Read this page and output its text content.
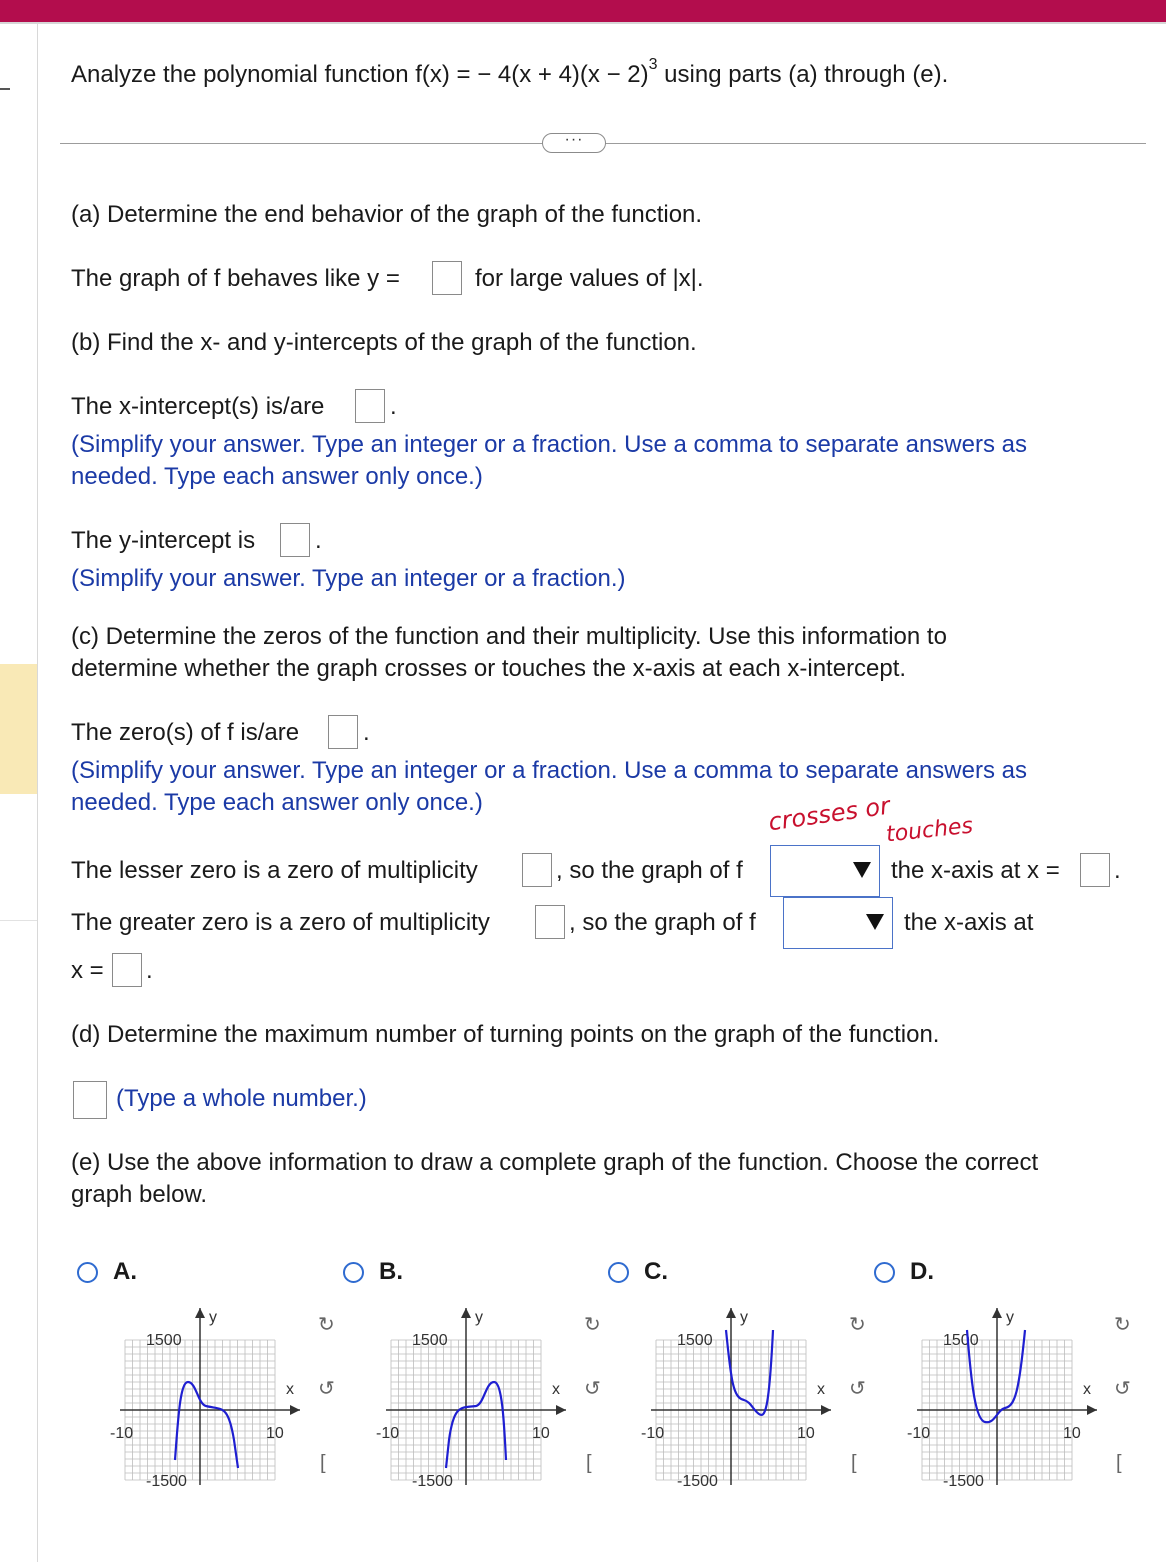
Analyze the polynomial function f(x) = − $4(x + 4)(x - 2)^3$ using parts (a) through (e).
···
(a) Determine the end behavior of the graph of the function.
The graph of f behaves like y =	for large values of |x|.
(b) Find the x- and y-intercepts of the graph of the function.
The x-intercept(s) is/are	.
(Simplify your answer. Type an integer or a fraction. Use a comma to separate answers as
needed. Type each answer only once.)
The y-intercept is .
(Simplify your answer. Type an integer or a fraction.)
(c) Determine the zeros of the function and their multiplicity. Use this information to
determine whether the graph crosses or touches the x-axis at each x-intercept.
The zero(s) of f is/are	.
(Simplify your answer. Type an integer or a fraction. Use a comma to separate answers as
needed. Type each answer only once.)	crosses or
touches
The lesser zero is a zero of multiplicity	, so the graph of f	the x-axis at x = .
The greater zero is a zero of multiplicity	, so the graph of f	the x-axis at
x = .
(d) Determine the maximum number of turning points on the graph of the function.
(Type a whole number.)
(e) Use the above information to draw a complete graph of the function. Choose the correct
graph below.
A.	B.	C.	D.
1500
-1500
-10	10
y
x
1500
-1500
-10	10
y
x
1500
-1500
-10	10
y
x
1500
-1500
-10	10
y
x
↻
↺
[
↻
↺
[
↻
↺
[
↻
↺
[
